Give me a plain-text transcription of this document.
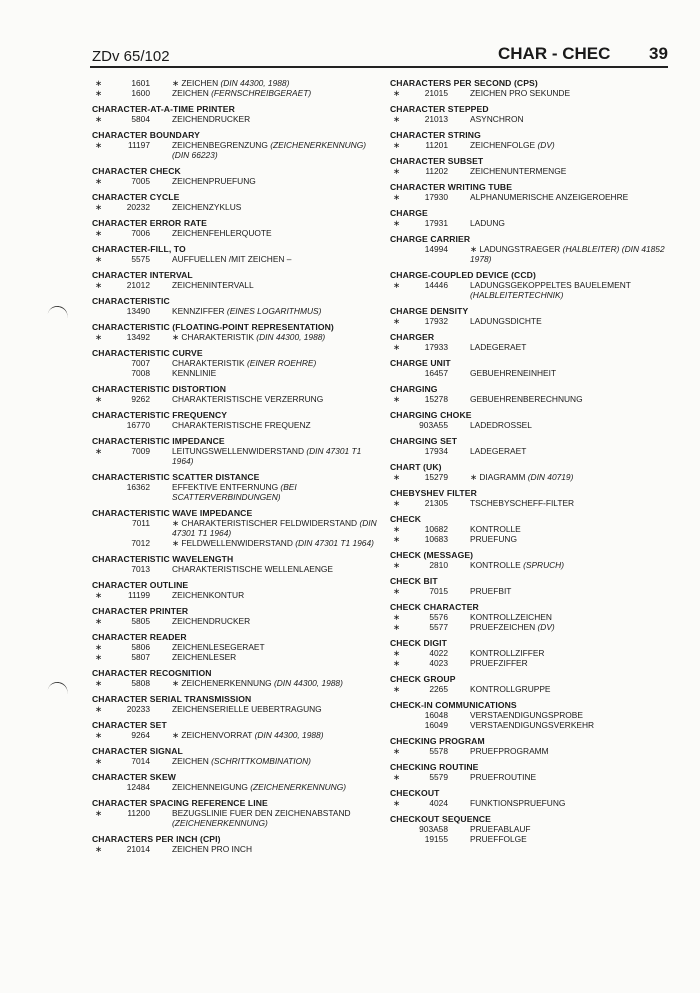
ZDv 65/102	CHAR - CHEC 39
∗	1601	∗ ZEICHEN (DIN 44300, 1988)
∗	1600	ZEICHEN (FERNSCHREIBGERAET)
CHARACTER-AT-A-TIME PRINTER
∗	5804	ZEICHENDRUCKER
CHARACTER BOUNDARY
∗	11197	ZEICHENBEGRENZUNG (ZEICHENERKENNUNG) (DIN 66223)
CHARACTER CHECK
∗	7005	ZEICHENPRUEFUNG
CHARACTER CYCLE
∗	20232	ZEICHENZYKLUS
CHARACTER ERROR RATE
∗	7006	ZEICHENFEHLERQUOTE
CHARACTER-FILL, TO
∗	5575	AUFFUELLEN /MIT ZEICHEN –
CHARACTER INTERVAL
∗	21012	ZEICHENINTERVALL
CHARACTERISTIC
13490	KENNZIFFER (EINES LOGARITHMUS)
CHARACTERISTIC (FLOATING-POINT REPRESENTATION)
∗	13492	∗ CHARAKTERISTIK (DIN 44300, 1988)
CHARACTERISTIC CURVE
7007	CHARAKTERISTIK (EINER ROEHRE)
7008	KENNLINIE
CHARACTERISTIC DISTORTION
∗	9262	CHARAKTERISTISCHE VERZERRUNG
CHARACTERISTIC FREQUENCY
16770	CHARAKTERISTISCHE FREQUENZ
CHARACTERISTIC IMPEDANCE
∗	7009	LEITUNGSWELLENWIDERSTAND (DIN 47301 T1 1964)
CHARACTERISTIC SCATTER DISTANCE
16362	EFFEKTIVE ENTFERNUNG (BEI SCATTERVERBINDUNGEN)
CHARACTERISTIC WAVE IMPEDANCE
7011	∗ CHARAKTERISTISCHER FELDWIDERSTAND (DIN 47301 T1 1964)
7012	∗ FELDWELLENWIDERSTAND (DIN 47301 T1 1964)
CHARACTERISTIC WAVELENGTH
7013	CHARAKTERISTISCHE WELLENLAENGE
CHARACTER OUTLINE
∗	11199	ZEICHENKONTUR
CHARACTER PRINTER
∗	5805	ZEICHENDRUCKER
CHARACTER READER
∗	5806	ZEICHENLESEGERAET
∗	5807	ZEICHENLESER
CHARACTER RECOGNITION
∗	5808	∗ ZEICHENERKENNUNG (DIN 44300, 1988)
CHARACTER SERIAL TRANSMISSION
∗	20233	ZEICHENSERIELLE UEBERTRAGUNG
CHARACTER SET
∗	9264	∗ ZEICHENVORRAT (DIN 44300, 1988)
CHARACTER SIGNAL
∗	7014	ZEICHEN (SCHRITTKOMBINATION)
CHARACTER SKEW
12484	ZEICHENNEIGUNG (ZEICHENERKENNUNG)
CHARACTER SPACING REFERENCE LINE
∗	11200	BEZUGSLINIE FUER DEN ZEICHENABSTAND (ZEICHENERKENNUNG)
CHARACTERS PER INCH (CPI)
∗	21014	ZEICHEN PRO INCH
CHARACTERS PER SECOND (CPS)
∗	21015	ZEICHEN PRO SEKUNDE
CHARACTER STEPPED
∗	21013	ASYNCHRON
CHARACTER STRING
∗	11201	ZEICHENFOLGE (DV)
CHARACTER SUBSET
∗	11202	ZEICHENUNTERMENGE
CHARACTER WRITING TUBE
∗	17930	ALPHANUMERISCHE ANZEIGEROEHRE
CHARGE
∗	17931	LADUNG
CHARGE CARRIER
14994	∗ LADUNGSTRAEGER (HALBLEITER) (DIN 41852 1978)
CHARGE-COUPLED DEVICE (CCD)
∗	14446	LADUNGSGEKOPPELTES BAUELEMENT (HALBLEITERTECHNIK)
CHARGE DENSITY
∗	17932	LADUNGSDICHTE
CHARGER
∗	17933	LADEGERAET
CHARGE UNIT
16457	GEBUEHRENEINHEIT
CHARGING
∗	15278	GEBUEHRENBERECHNUNG
CHARGING CHOKE
903A55	LADEDROSSEL
CHARGING SET
17934	LADEGERAET
CHART (UK)
∗	15279	∗ DIAGRAMM (DIN 40719)
CHEBYSHEV FILTER
∗	21305	TSCHEBYSCHEFF-FILTER
CHECK
∗	10682	KONTROLLE
∗	10683	PRUEFUNG
CHECK (MESSAGE)
∗	2810	KONTROLLE (SPRUCH)
CHECK BIT
∗	7015	PRUEFBIT
CHECK CHARACTER
∗	5576	KONTROLLZEICHEN
∗	5577	PRUEFZEICHEN (DV)
CHECK DIGIT
∗	4022	KONTROLLZIFFER
∗	4023	PRUEFZIFFER
CHECK GROUP
∗	2265	KONTROLLGRUPPE
CHECK-IN COMMUNICATIONS
16048	VERSTAENDIGUNGSPROBE
16049	VERSTAENDIGUNGSVERKEHR
CHECKING PROGRAM
∗	5578	PRUEFPROGRAMM
CHECKING ROUTINE
∗	5579	PRUEFROUTINE
CHECKOUT
∗	4024	FUNKTIONSPRUEFUNG
CHECKOUT SEQUENCE
903A58	PRUEFABLAUF
19155	PRUEFFOLGE
